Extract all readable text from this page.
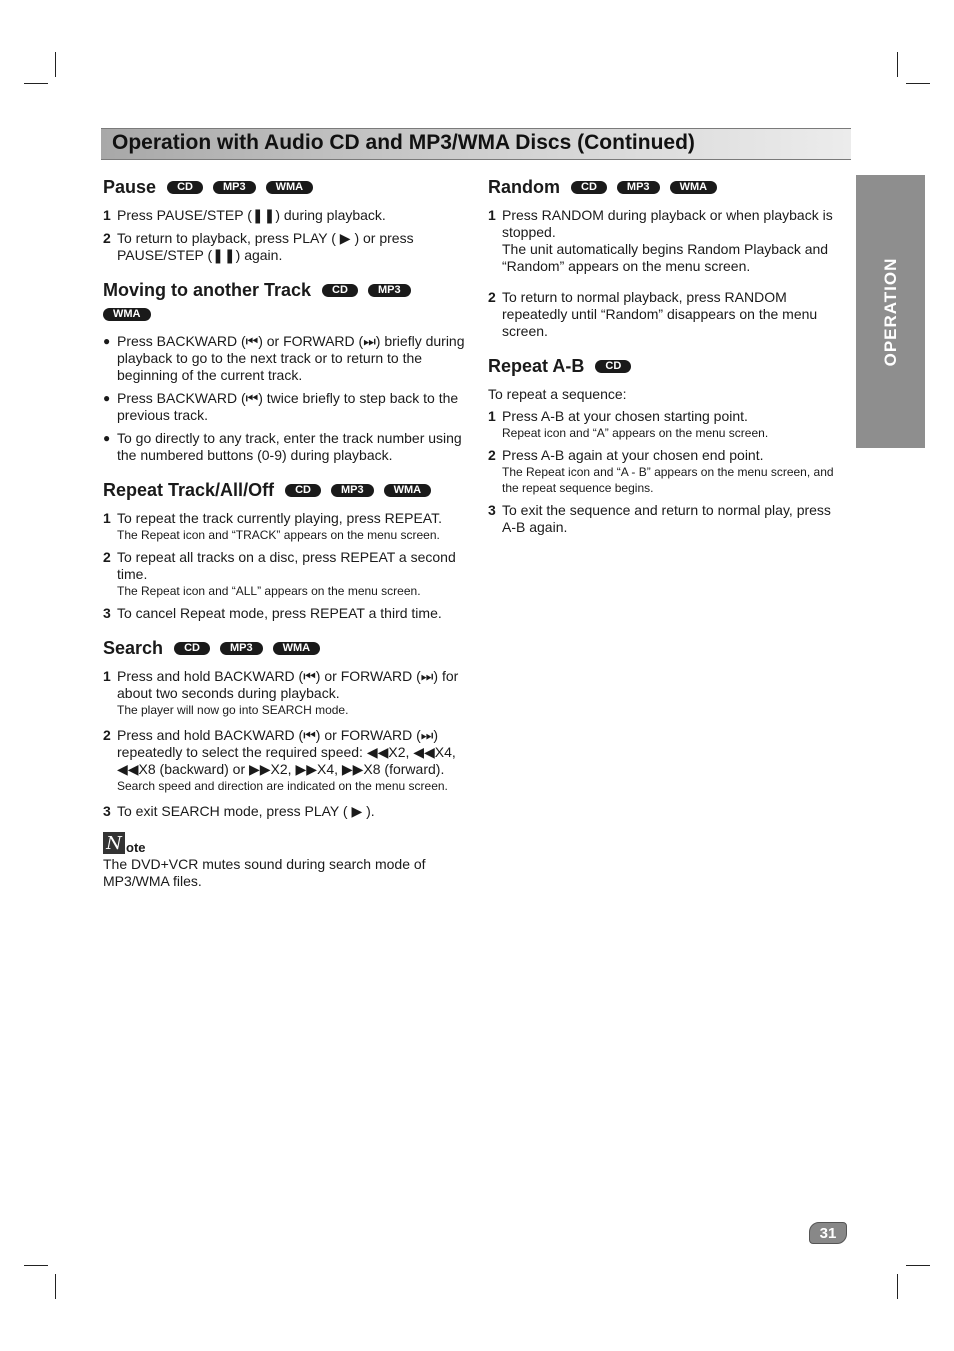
Operation with Audio CD and MP3/WMA Discs (Continued)
OPERATION
Pause CD	MP3	WMA
1 Press PAUSE/STEP (❚❚) during playback.
2 To return to playback, press PLAY ( ▶ ) or press PAUSE/STEP (❚❚) again.
Moving to another Track CD	MP3
WMA
● Press BACKWARD (⏮) or FORWARD (⏭) briefly during playback to go to the next track or to return to the beginning of the current track.
● Press BACKWARD (⏮) twice briefly to step back to the previous track.
● To go directly to any track, enter the track number using the numbered buttons (0-9) during playback.
Repeat Track/All/Off CD	MP3	WMA
1 To repeat the track currently playing, press REPEAT.
The Repeat icon and “TRACK” appears on the menu screen.
2 To repeat all tracks on a disc, press REPEAT a second time.
The Repeat icon and “ALL” appears on the menu screen.
3 To cancel Repeat mode, press REPEAT a third time.
Search CD	MP3	WMA
1 Press and hold BACKWARD (⏮) or FORWARD (⏭) for about two seconds during playback.
The player will now go into SEARCH mode.
2 Press and hold BACKWARD (⏮) or FORWARD (⏭) repeatedly to select the required speed: ◀◀X2, ◀◀X4, ◀◀X8 (backward) or ▶▶X2, ▶▶X4, ▶▶X8 (forward).
Search speed and direction are indicated on the menu screen.
3 To exit SEARCH mode, press PLAY ( ▶ ).
N ote
The DVD+VCR mutes sound during search mode of MP3/WMA files.
Random CD	MP3	WMA
1 Press RANDOM during playback or when playback is stopped.
The unit automatically begins Random Playback and “Random” appears on the menu screen.
2 To return to normal playback, press RANDOM repeatedly until “Random” disappears on the menu screen.
Repeat A-B CD

To repeat a sequence:

1 Press A-B at your chosen starting point.
Repeat icon and “A” appears on the menu screen.
2 Press A-B again at your chosen end point.
The Repeat icon and “A - B” appears on the menu screen, and the repeat sequence begins.
3 To exit the sequence and return to normal play, press A-B again.
31
